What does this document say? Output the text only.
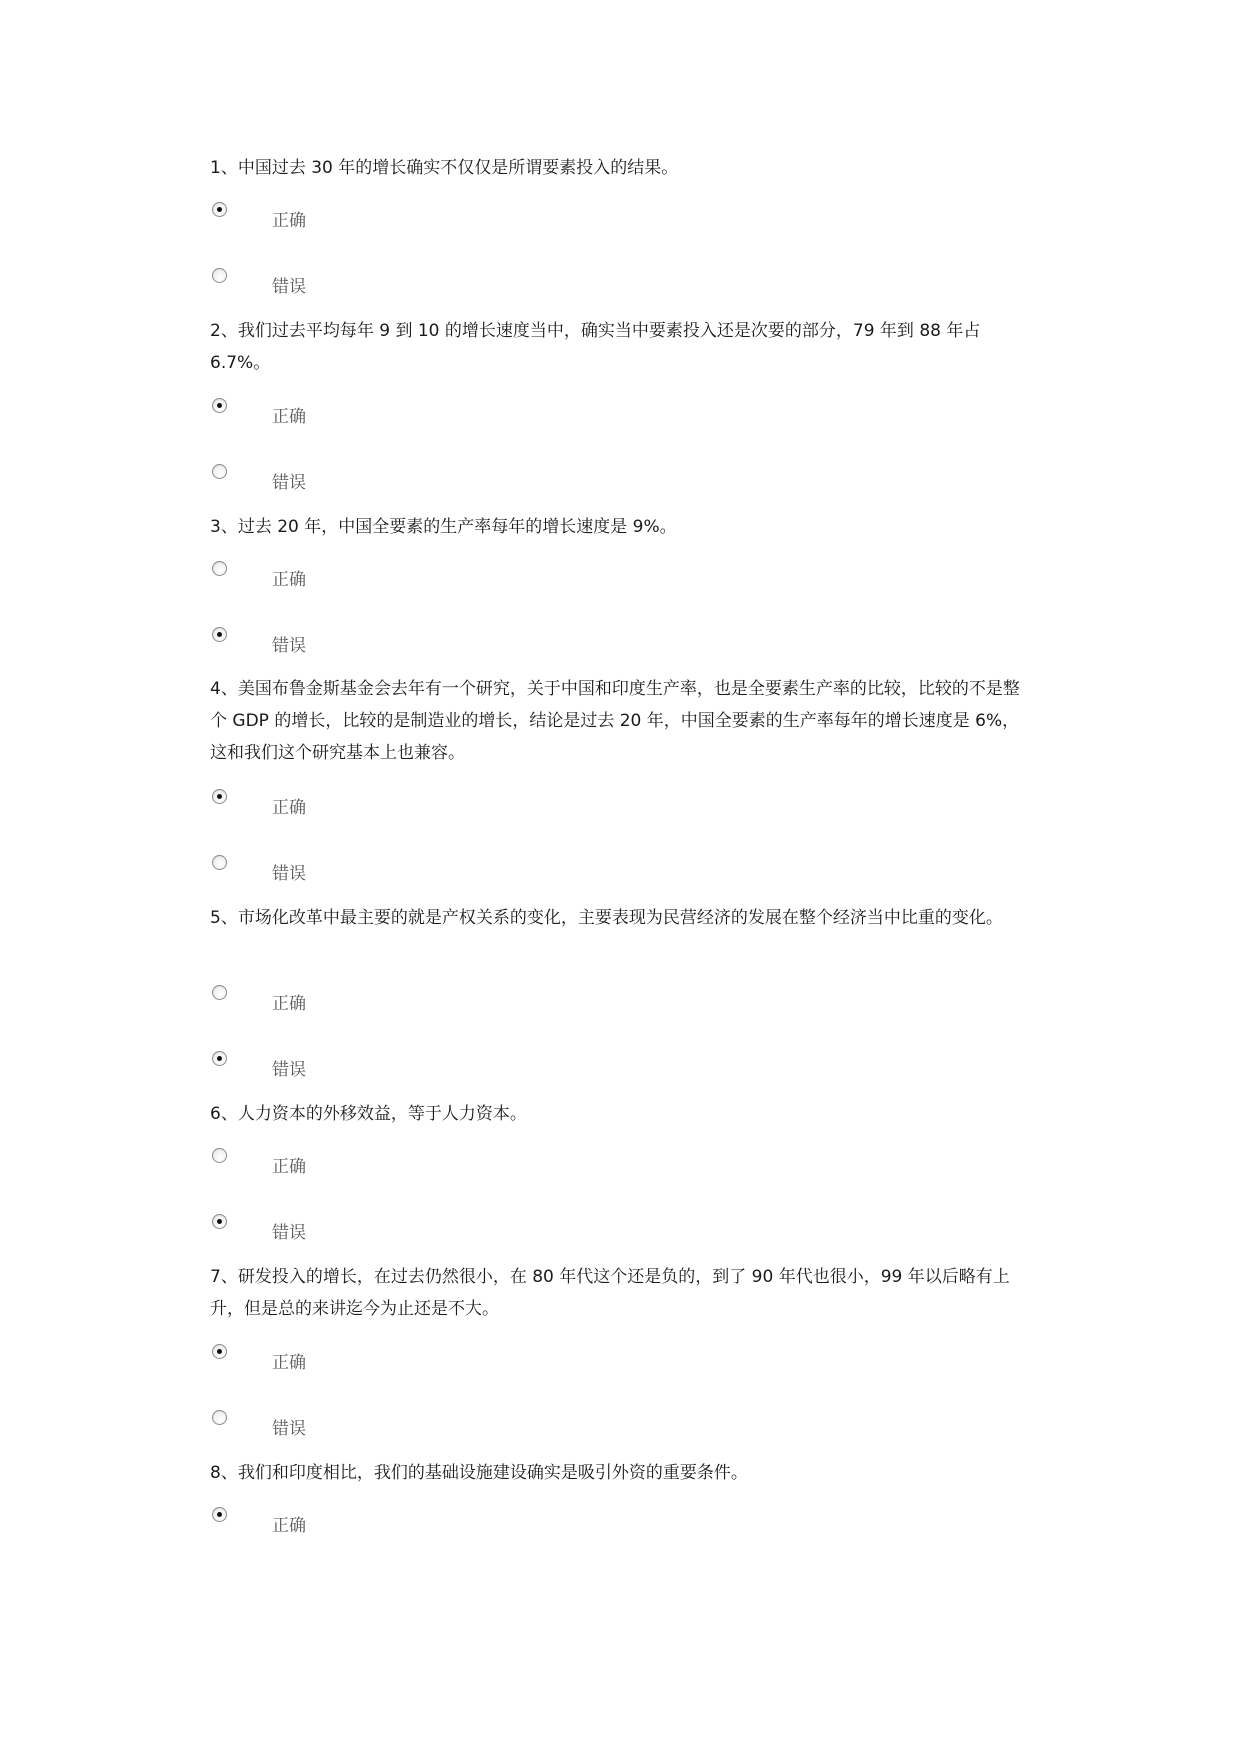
1、中国过去 30 年的增长确实不仅仅是所谓要素投入的结果。

正确
错误

2、我们过去平均每年 9 到 10 的增长速度当中，确实当中要素投入还是次要的部分，79 年到 88 年占 6.7%。

正确
错误

3、过去 20 年，中国全要素的生产率每年的增长速度是 9%。

正确
错误

4、美国布鲁金斯基金会去年有一个研究，关于中国和印度生产率，也是全要素生产率的比较，比较的不是整个 GDP 的增长，比较的是制造业的增长，结论是过去 20 年，中国全要素的生产率每年的增长速度是 6%，这和我们这个研究基本上也兼容。

正确
错误

5、市场化改革中最主要的就是产权关系的变化，主要表现为民营经济的发展在整个经济当中比重的变化。

正确
错误

6、人力资本的外移效益，等于人力资本。

正确
错误

7、研发投入的增长，在过去仍然很小，在 80 年代这个还是负的，到了 90 年代也很小，99 年以后略有上升，但是总的来讲迄今为止还是不大。

正确
错误

8、我们和印度相比，我们的基础设施建设确实是吸引外资的重要条件。

正确
